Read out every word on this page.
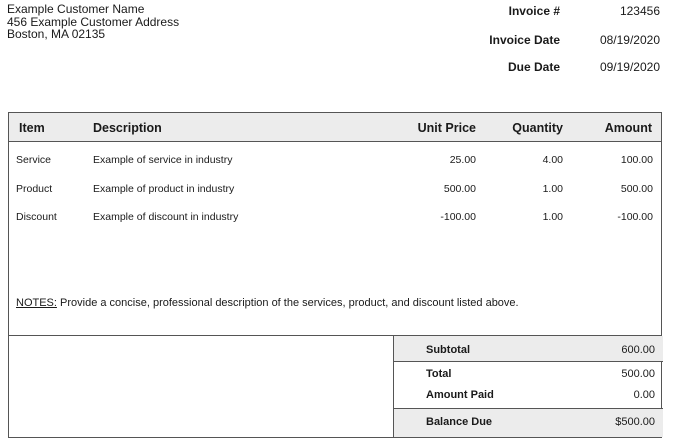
Example Customer Name
456 Example Customer Address
Boston, MA 02135
Invoice #	123456
Invoice Date	08/19/2020
Due Date	09/19/2020
Item	Description	Unit Price	Quantity	Amount
Service	Example of service in industry	25.00	4.00	100.00
Product	Example of product in industry	500.00	1.00	500.00
Discount	Example of discount in industry	-100.00	1.00	-100.00
NOTES: Provide a concise, professional description of the services, product, and discount listed above.
Subtotal	600.00
Total	500.00
Amount Paid	0.00
Balance Due	$500.00
